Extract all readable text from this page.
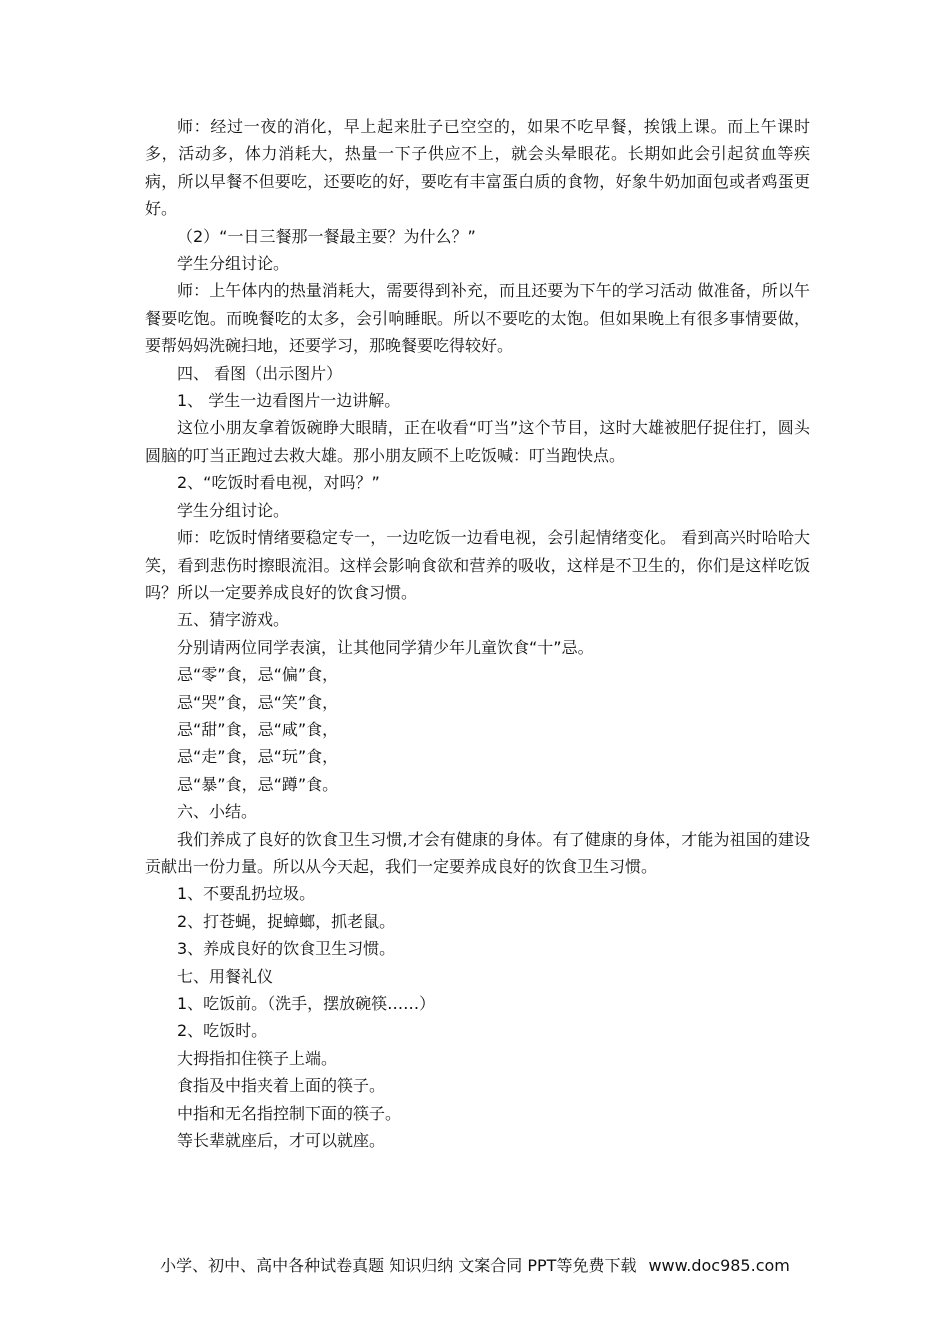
师：经过一夜的消化，早上起来肚子已空空的，如果不吃早餐，挨饿上课。而上午课时多，活动多，体力消耗大，热量一下子供应不上，就会头晕眼花。长期如此会引起贫血等疾病，所以早餐不但要吃，还要吃的好，要吃有丰富蛋白质的食物，好象牛奶加面包或者鸡蛋更好。

（2）“一日三餐那一餐最主要？为什么？”

学生分组讨论。

师：上午体内的热量消耗大，需要得到补充，而且还要为下午的学习活动 做准备，所以午餐要吃饱。而晚餐吃的太多，会引响睡眠。所以不要吃的太饱。但如果晚上有很多事情要做，要帮妈妈洗碗扫地，还要学习，那晚餐要吃得较好。

四、 看图（出示图片）

1、 学生一边看图片一边讲解。

这位小朋友拿着饭碗睁大眼睛，正在收看“叮当”这个节目，这时大雄被肥仔捉住打，圆头圆脑的叮当正跑过去救大雄。那小朋友顾不上吃饭喊：叮当跑快点。

2、“吃饭时看电视，对吗？”

学生分组讨论。

师：吃饭时情绪要稳定专一，一边吃饭一边看电视，会引起情绪变化。 看到高兴时哈哈大笑，看到悲伤时擦眼流泪。这样会影响食欲和营养的吸收，这样是不卫生的，你们是这样吃饭吗？所以一定要养成良好的饮食习惯。

五、猜字游戏。

分别请两位同学表演，让其他同学猜少年儿童饮食“十”忌。

忌“零”食，忌“偏”食，

忌“哭”食，忌“笑”食，

忌“甜”食，忌“咸”食，

忌“走”食，忌“玩”食，

忌“暴”食，忌“蹲”食。

六、小结。

我们养成了良好的饮食卫生习惯,才会有健康的身体。有了健康的身体，才能为祖国的建设贡献出一份力量。所以从今天起，我们一定要养成良好的饮食卫生习惯。

1、不要乱扔垃圾。

2、打苍蝇，捉蟑螂，抓老鼠。

3、养成良好的饮食卫生习惯。

七、用餐礼仪

1、吃饭前。（洗手，摆放碗筷……）

2、吃饭时。

大拇指扣住筷子上端。

食指及中指夹着上面的筷子。

中指和无名指控制下面的筷子。

等长辈就座后，才可以就座。

小学、初中、高中各种试卷真题 知识归纳 文案合同 PPT等免费下载 www.doc985.com
